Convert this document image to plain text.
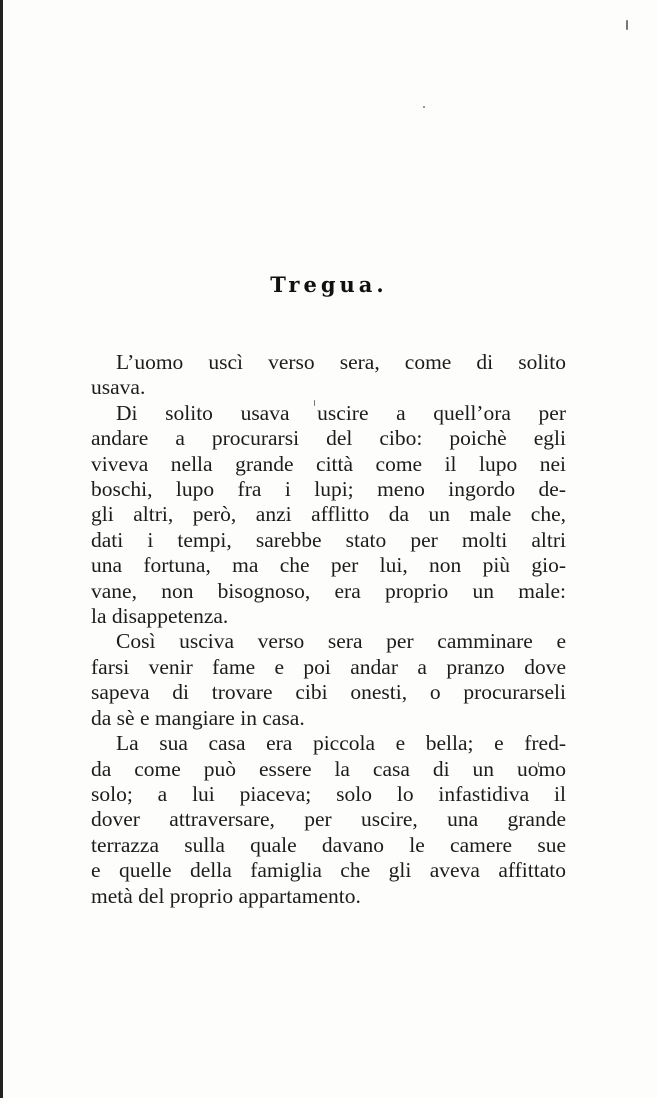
Tregua.
L’uomo uscì verso sera, come di solito
usava.
Di solito usava uscire a quell’ora per
andare a procurarsi del cibo: poichè egli
viveva nella grande città come il lupo nei
boschi, lupo fra i lupi; meno ingordo de-
gli altri, però, anzi afflitto da un male che,
dati i tempi, sarebbe stato per molti altri
una fortuna, ma che per lui, non più gio-
vane, non bisognoso, era proprio un male:
la disappetenza.
Così usciva verso sera per camminare e
farsi venir fame e poi andar a pranzo dove
sapeva di trovare cibi onesti, o procurarseli
da sè e mangiare in casa.
La sua casa era piccola e bella; e fred-
da come può essere la casa di un uomo
solo; a lui piaceva; solo lo infastidiva il
dover attraversare, per uscire, una grande
terrazza sulla quale davano le camere sue
e quelle della famiglia che gli aveva affittato
metà del proprio appartamento.
